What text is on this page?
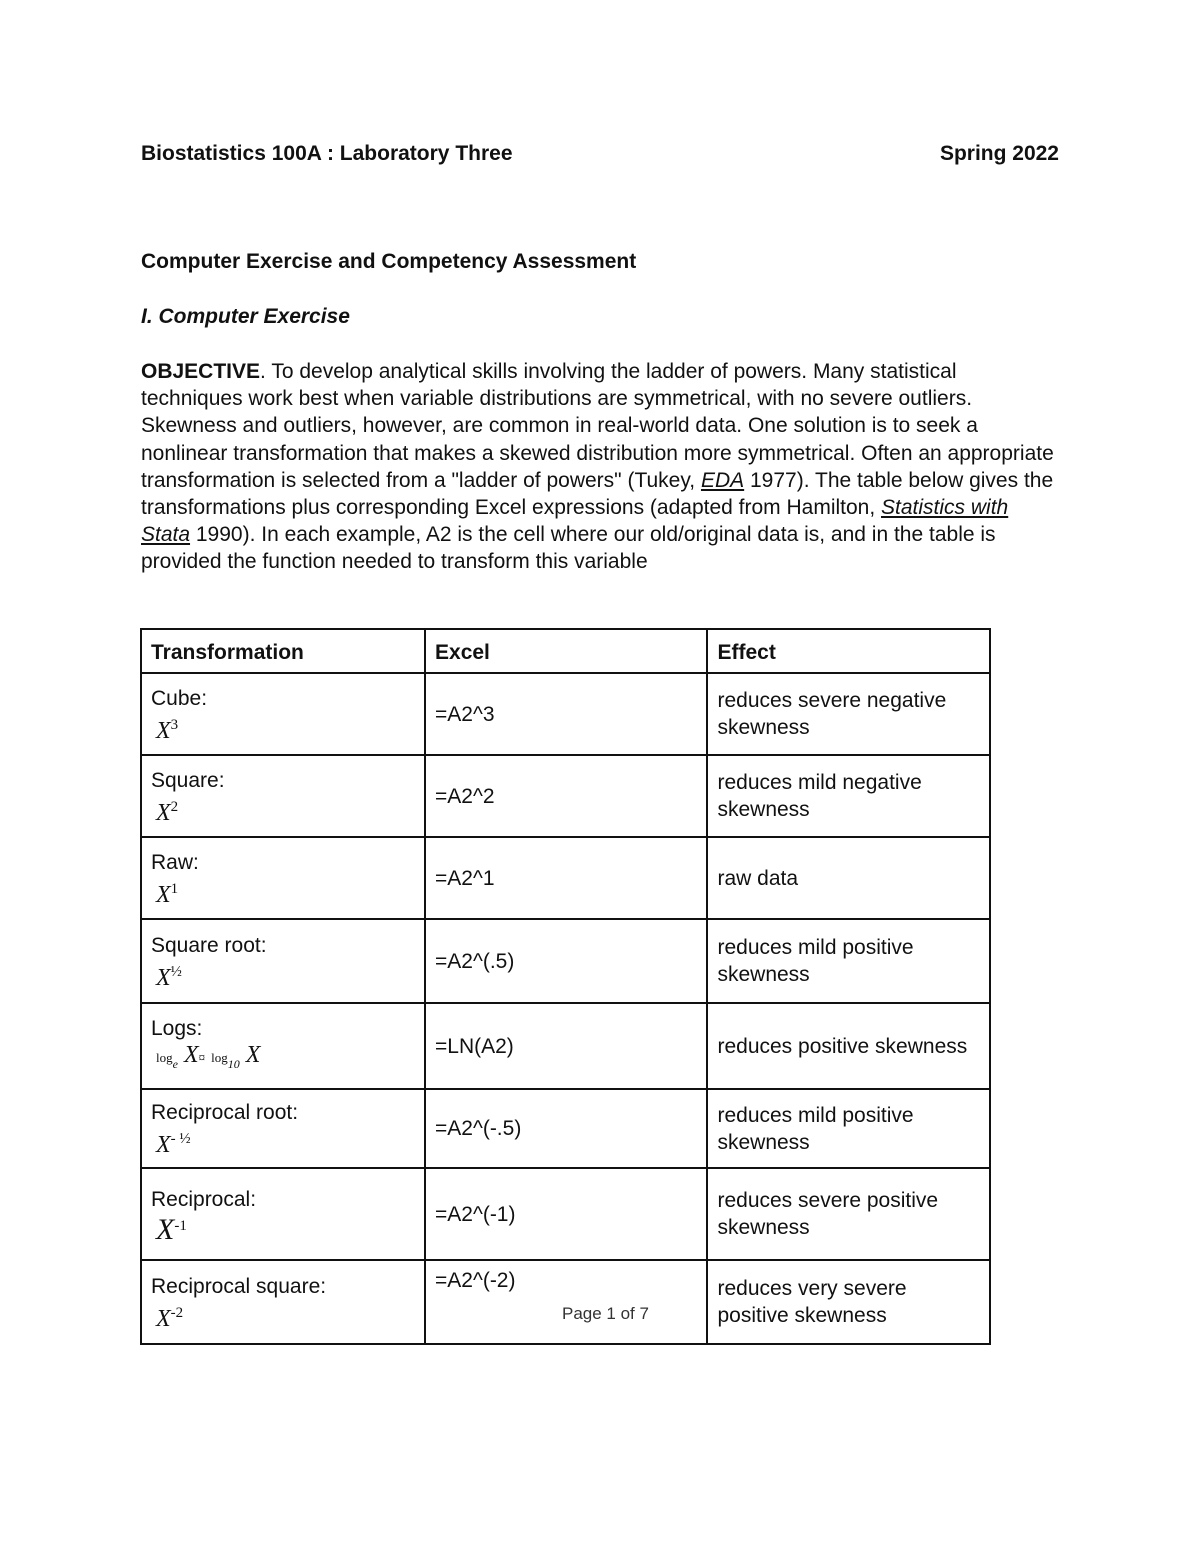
Biostatistics 100A : Laboratory Three	Spring 2022
Computer Exercise and Competency Assessment
I. Computer Exercise
OBJECTIVE. To develop analytical skills involving the ladder of powers. Many statistical techniques work best when variable distributions are symmetrical, with no severe outliers. Skewness and outliers, however, are common in real-world data. One solution is to seek a nonlinear transformation that makes a skewed distribution more symmetrical. Often an appropriate transformation is selected from a "ladder of powers" (Tukey, EDA 1977). The table below gives the transformations plus corresponding Excel expressions (adapted from Hamilton, Statistics with Stata 1990). In each example, A2 is the cell where our old/original data is, and in the table is provided the function needed to transform this variable
Transformation	Excel	Effect
Cube:
$X^3$	=A2^3	reduces severe negative skewness
Square:
$X^2$	=A2^2	reduces mild negative skewness
Raw:
$X^1$	=A2^1	raw data
Square root:
$X^{\frac{1}{2}}$	=A2^(.5)	reduces mild positive skewness
Logs:
$\log_e$ X¤ $\log_{10} X$	=LN(A2)	reduces positive skewness
Reciprocal root:
$X^{- \frac{1}{2}}$	=A2^(-.5)	reduces mild positive skewness
Reciprocal:
$X^{-1}$	=A2^(-1)	reduces severe positive skewness
Reciprocal square:
$X^{-2}$	=A2^(-2)	reduces very severe positive skewness
Page 1 of 7
